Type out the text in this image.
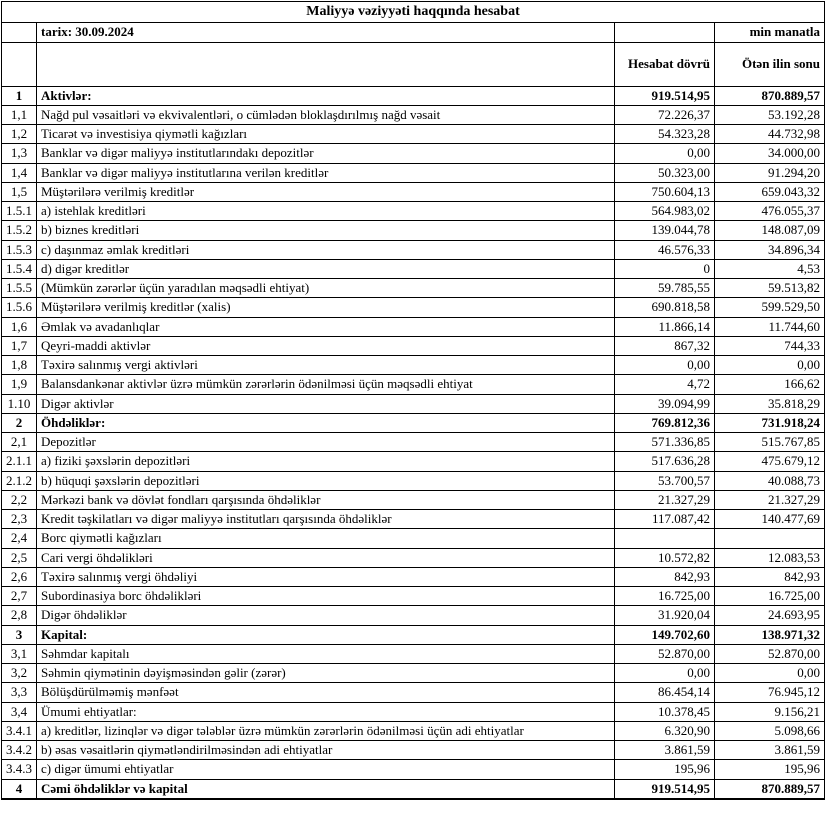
Maliyyə vəziyyəti haqqında hesabat			
	tarix: 30.09.2024		min manatla
		Hesabat dövrü	Ötən ilin sonu
1	Aktivlər:	919.514,95	870.889,57
1,1	Nağd pul vəsaitləri və ekvivalentləri, o cümlədən bloklaşdırılmış nağd vəsait	72.226,37	53.192,28
1,2	Ticarət və investisiya qiymətli kağızları	54.323,28	44.732,98
1,3	Banklar və digər maliyyə institutlarındakı depozitlər	0,00	34.000,00
1,4	Banklar və digər maliyyə institutlarına verilən kreditlər	50.323,00	91.294,20
1,5	Müştərilərə verilmiş kreditlər	750.604,13	659.043,32
1.5.1	a) istehlak kreditləri	564.983,02	476.055,37
1.5.2	b) biznes kreditləri	139.044,78	148.087,09
1.5.3	c) daşınmaz əmlak kreditləri	46.576,33	34.896,34
1.5.4	d) digər kreditlər	0	4,53
1.5.5	(Mümkün zərərlər üçün yaradılan məqsədli ehtiyat)	59.785,55	59.513,82
1.5.6	Müştərilərə verilmiş kreditlər (xalis)	690.818,58	599.529,50
1,6	Əmlak və avadanlıqlar	11.866,14	11.744,60
1,7	Qeyri-maddi aktivlər	867,32	744,33
1,8	Təxirə salınmış vergi aktivləri	0,00	0,00
1,9	Balansdankənar aktivlər üzrə mümkün zərərlərin ödənilməsi üçün məqsədli ehtiyat	4,72	166,62
1.10	Digər aktivlər	39.094,99	35.818,29
2	Öhdəliklər:	769.812,36	731.918,24
2,1	Depozitlər	571.336,85	515.767,85
2.1.1	a) fiziki şəxslərin depozitləri	517.636,28	475.679,12
2.1.2	b) hüquqi şəxslərin depozitləri	53.700,57	40.088,73
2,2	Mərkəzi bank və dövlət fondları qarşısında öhdəliklər	21.327,29	21.327,29
2,3	Kredit təşkilatları və digər maliyyə institutları qarşısında öhdəliklər	117.087,42	140.477,69
2,4	Borc qiymətli kağızları		
2,5	Cari vergi öhdəlikləri	10.572,82	12.083,53
2,6	Təxirə salınmış vergi öhdəliyi	842,93	842,93
2,7	Subordinasiya borc öhdəlikləri	16.725,00	16.725,00
2,8	Digər öhdəliklər	31.920,04	24.693,95
3	Kapital:	149.702,60	138.971,32
3,1	Səhmdar kapitalı	52.870,00	52.870,00
3,2	Səhmin qiymətinin dəyişməsindən gəlir (zərər)	0,00	0,00
3,3	Bölüşdürülməmiş mənfəət	86.454,14	76.945,12
3,4	Ümumi ehtiyatlar:	10.378,45	9.156,21
3.4.1	a) kreditlər, lizinqlər və digər tələblər üzrə mümkün zərərlərin ödənilməsi üçün adi ehtiyatlar	6.320,90	5.098,66
3.4.2	b) əsas vəsaitlərin qiymətləndirilməsindən adi ehtiyatlar	3.861,59	3.861,59
3.4.3	c) digər ümumi ehtiyatlar	195,96	195,96
4	Cəmi öhdəliklər və kapital	919.514,95	870.889,57
